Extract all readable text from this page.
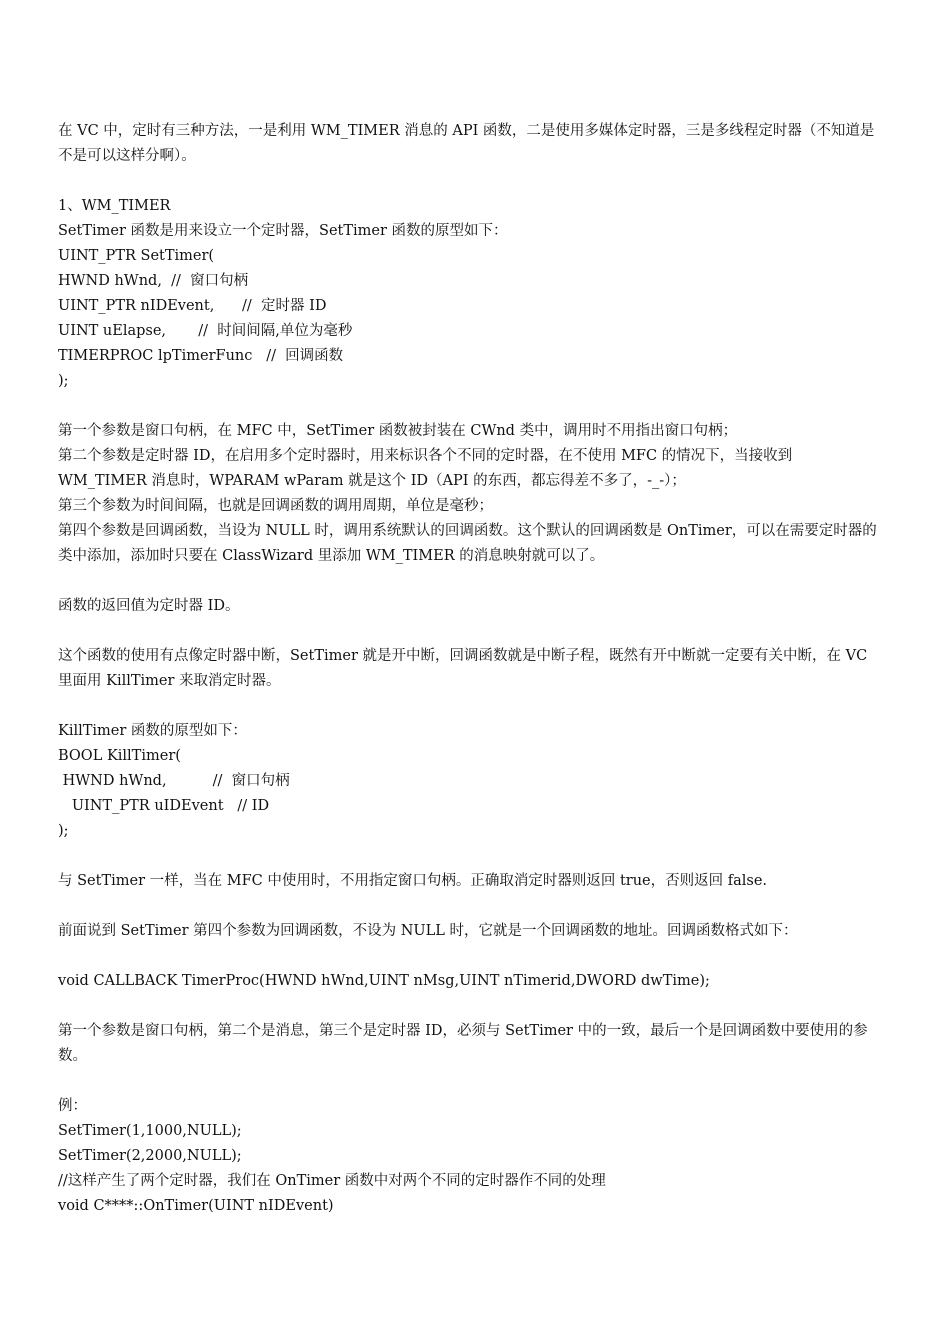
在 VC 中，定时有三种方法，一是利用 WM_TIMER 消息的 API 函数，二是使用多媒体定时器，三是多线程定时器（不知道是不是可以这样分啊）。
1、WM_TIMER
SetTimer 函数是用来设立一个定时器，SetTimer 函数的原型如下：
UINT_PTR SetTimer(
HWND hWnd,  //  窗口句柄
UINT_PTR nIDEvent,      //  定时器 ID
UINT uElapse,       //  时间间隔,单位为毫秒
TIMERPROC lpTimerFunc   //  回调函数
);
第一个参数是窗口句柄，在 MFC 中，SetTimer 函数被封装在 CWnd 类中，调用时不用指出窗口句柄；
第二个参数是定时器 ID，在启用多个定时器时，用来标识各个不同的定时器，在不使用 MFC 的情况下，当接收到 WM_TIMER 消息时，WPARAM wParam 就是这个 ID（API 的东西，都忘得差不多了，-_-）；
第三个参数为时间间隔，也就是回调函数的调用周期，单位是毫秒；
第四个参数是回调函数，当设为 NULL 时，调用系统默认的回调函数。这个默认的回调函数是 OnTimer，可以在需要定时器的类中添加，添加时只要在 ClassWizard 里添加 WM_TIMER 的消息映射就可以了。
函数的返回值为定时器 ID。
这个函数的使用有点像定时器中断，SetTimer 就是开中断，回调函数就是中断子程，既然有开中断就一定要有关中断，在 VC 里面用 KillTimer 来取消定时器。
KillTimer 函数的原型如下：
BOOL KillTimer(
HWND hWnd,          //  窗口句柄
UINT_PTR uIDEvent   // ID
);
与 SetTimer 一样，当在 MFC 中使用时，不用指定窗口句柄。正确取消定时器则返回 true，否则返回 false.
前面说到 SetTimer 第四个参数为回调函数，不设为 NULL 时，它就是一个回调函数的地址。回调函数格式如下：
void CALLBACK TimerProc(HWND hWnd,UINT nMsg,UINT nTimerid,DWORD dwTime);
第一个参数是窗口句柄，第二个是消息，第三个是定时器 ID，必须与 SetTimer 中的一致，最后一个是回调函数中要使用的参数。
例：
SetTimer(1,1000,NULL);
SetTimer(2,2000,NULL);
//这样产生了两个定时器，我们在 OnTimer 函数中对两个不同的定时器作不同的处理
void C****::OnTimer(UINT nIDEvent)
